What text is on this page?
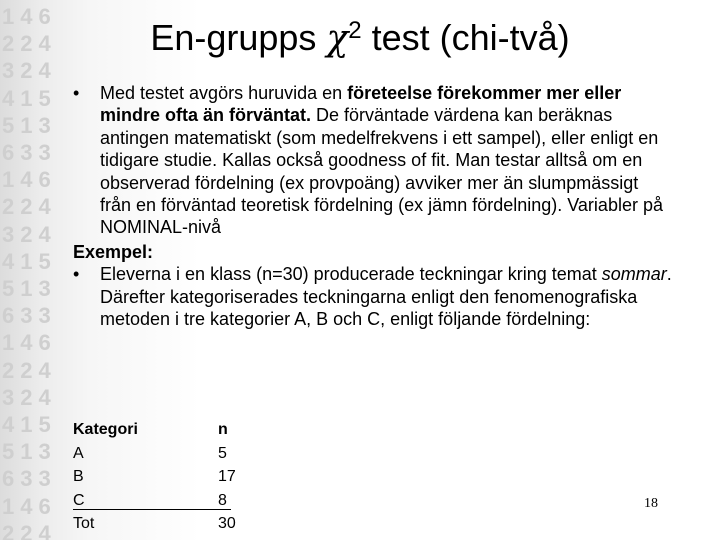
146
224
324
415
513
633
146
224
324
415
513
633
146
224
324
415
513
633
146
224
En-grupps $\chi^2$ test (chi-två)
• Med testet avgörs huruvida en företeelse förekommer mer eller mindre ofta än förväntat. De förväntade värdena kan beräknas antingen matematiskt (som medelfrekvens i ett sampel), eller enligt en tidigare studie. Kallas också goodness of fit. Man testar alltså om en observerad fördelning (ex provpoäng) avviker mer än slumpmässigt från en förväntad teoretisk fördelning (ex jämn fördelning). Variabler på NOMINAL-nivå
Exempel:
• Eleverna i en klass (n=30) producerade teckningar kring temat sommar. Därefter kategoriserades teckningarna enligt den fenomenografiska metoden i tre kategorier A, B och C, enligt följande fördelning:
Kategori	n
A	5
B	17
C	8
Tot	30
18
